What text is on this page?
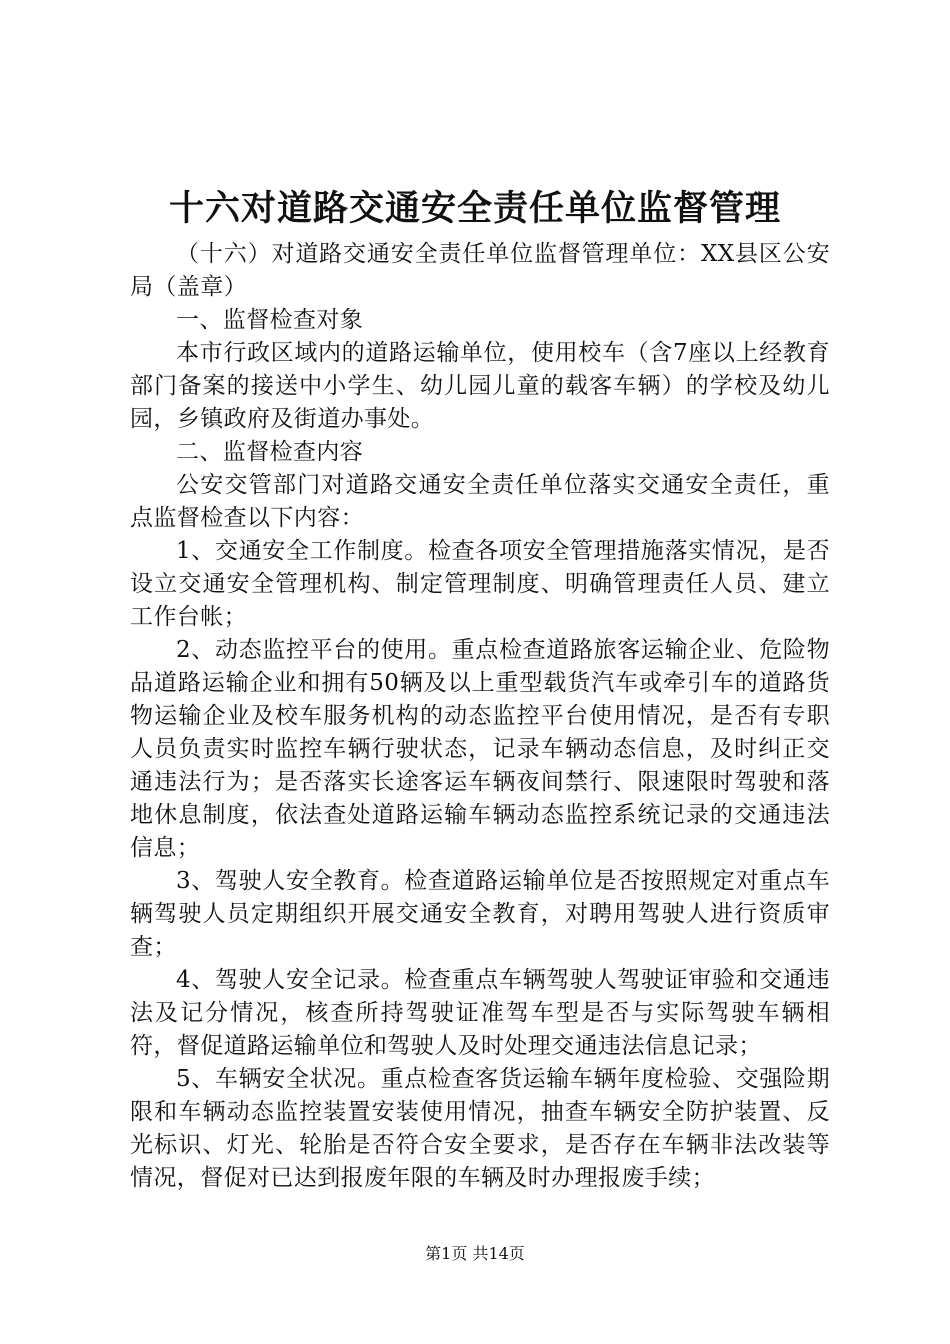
十六对道路交通安全责任单位监督管理

（十六）对道路交通安全责任单位监督管理单位：XX县区公安局（盖章）

一、监督检查对象

本市行政区域内的道路运输单位，使用校车（含7座以上经教育部门备案的接送中小学生、幼儿园儿童的载客车辆）的学校及幼儿园，乡镇政府及街道办事处。

二、监督检查内容

公安交管部门对道路交通安全责任单位落实交通安全责任，重点监督检查以下内容：

1、交通安全工作制度。检查各项安全管理措施落实情况，是否设立交通安全管理机构、制定管理制度、明确管理责任人员、建立工作台帐；

2、动态监控平台的使用。重点检查道路旅客运输企业、危险物品道路运输企业和拥有50辆及以上重型载货汽车或牵引车的道路货物运输企业及校车服务机构的动态监控平台使用情况，是否有专职人员负责实时监控车辆行驶状态，记录车辆动态信息，及时纠正交通违法行为；是否落实长途客运车辆夜间禁行、限速限时驾驶和落地休息制度，依法查处道路运输车辆动态监控系统记录的交通违法信息；

3、驾驶人安全教育。检查道路运输单位是否按照规定对重点车辆驾驶人员定期组织开展交通安全教育，对聘用驾驶人进行资质审查；

4、驾驶人安全记录。检查重点车辆驾驶人驾驶证审验和交通违法及记分情况，核查所持驾驶证准驾车型是否与实际驾驶车辆相符，督促道路运输单位和驾驶人及时处理交通违法信息记录；

5、车辆安全状况。重点检查客货运输车辆年度检验、交强险期限和车辆动态监控装置安装使用情况，抽查车辆安全防护装置、反光标识、灯光、轮胎是否符合安全要求，是否存在车辆非法改装等情况，督促对已达到报废年限的车辆及时办理报废手续；

第1页 共14页
